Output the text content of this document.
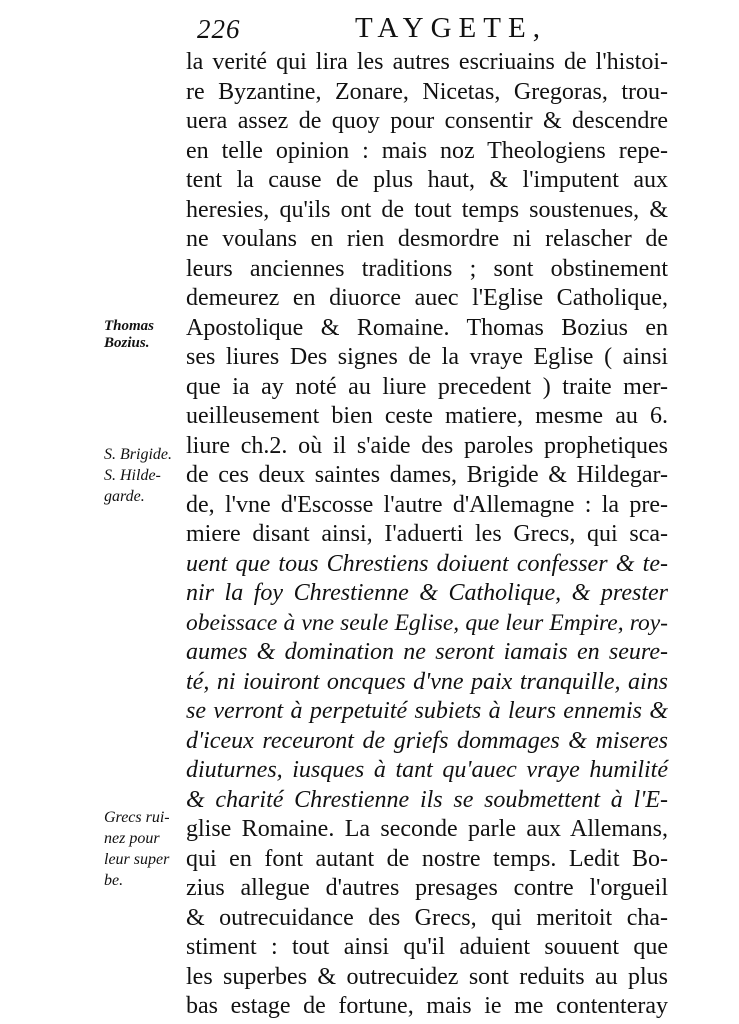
226	TAYGETE,
Thomas
Bozius.
S. Brigide.
S. Hilde-
garde.
Grecs rui-
nez pour
leur super
be.
la verité qui lira les autres escriuains de l'histoi-
re Byzantine, Zonare, Nicetas, Gregoras, trou-
uera assez de quoy pour consentir & descendre
en telle opinion : mais noz Theologiens repe-
tent la cause de plus haut, & l'imputent aux
heresies, qu'ils ont de tout temps soustenues, &
ne voulans en rien desmordre ni relascher de
leurs anciennes traditions ; sont obstinement
demeurez en diuorce auec l'Eglise Catholique,
Apostolique & Romaine. Thomas Bozius en
ses liures Des signes de la vraye Eglise ( ainsi
que ia ay noté au liure precedent ) traite mer-
ueilleusement bien ceste matiere, mesme au 6.
liure ch.2. où il s'aide des paroles prophetiques
de ces deux saintes dames, Brigide & Hildegar-
de, l'vne d'Escosse l'autre d'Allemagne : la pre-
miere disant ainsi, I'aduerti les Grecs, qui sca-
uent que tous Chrestiens doiuent confesser & te-
nir la foy Chrestienne & Catholique, & prester
obeissace à vne seule Eglise, que leur Empire, roy-
aumes & domination ne seront iamais en seure-
té, ni iouiront oncques d'vne paix tranquille, ains
se verront à perpetuité subiets à leurs ennemis &
d'iceux receuront de griefs dommages & miseres
diuturnes, iusques à tant qu'auec vraye humilité
& charité Chrestienne ils se soubmettent à l'E-
glise Romaine. La seconde parle aux Allemans,
qui en font autant de nostre temps. Ledit Bo-
zius allegue d'autres presages contre l'orgueil
& outrecuidance des Grecs, qui meritoit cha-
stiment : tout ainsi qu'il aduient souuent que
les superbes & outrecuidez sont reduits au plus
bas estage de fortune, mais ie me contenteray
